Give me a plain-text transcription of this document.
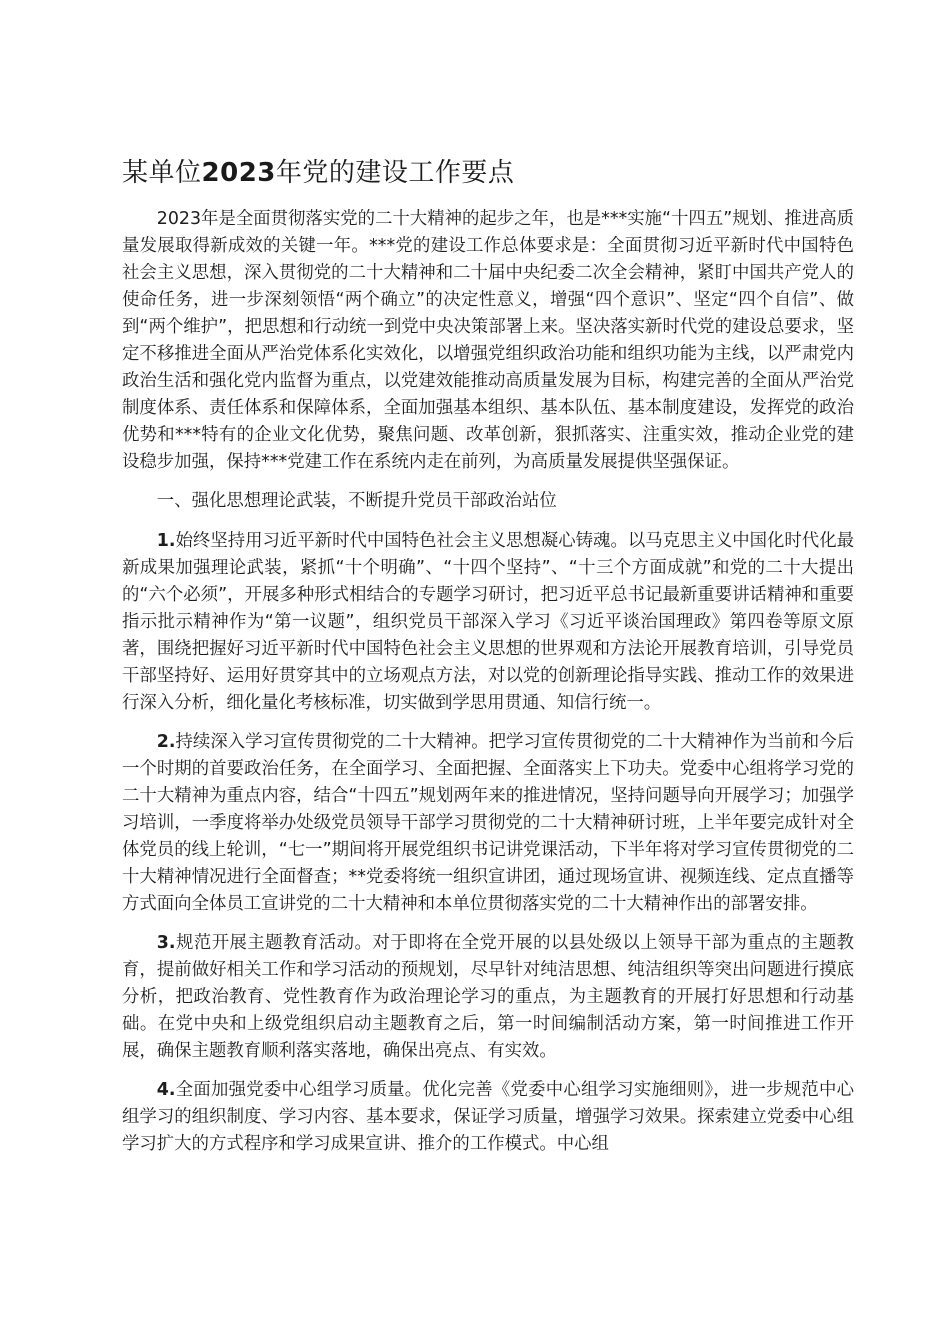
某单位2023年党的建设工作要点

2023年是全面贯彻落实党的二十大精神的起步之年，也是***实施“十四五”规划、推进高质量发展取得新成效的关键一年。***党的建设工作总体要求是：全面贯彻习近平新时代中国特色社会主义思想，深入贯彻党的二十大精神和二十届中央纪委二次全会精神，紧盯中国共产党人的使命任务，进一步深刻领悟“两个确立”的决定性意义，增强“四个意识”、坚定“四个自信”、做到“两个维护”，把思想和行动统一到党中央决策部署上来。坚决落实新时代党的建设总要求，坚定不移推进全面从严治党体系化实效化，以增强党组织政治功能和组织功能为主线，以严肃党内政治生活和强化党内监督为重点，以党建效能推动高质量发展为目标，构建完善的全面从严治党制度体系、责任体系和保障体系，全面加强基本组织、基本队伍、基本制度建设，发挥党的政治优势和***特有的企业文化优势，聚焦问题、改革创新，狠抓落实、注重实效，推动企业党的建设稳步加强，保持***党建工作在系统内走在前列，为高质量发展提供坚强保证。

一、强化思想理论武装，不断提升党员干部政治站位

1.始终坚持用习近平新时代中国特色社会主义思想凝心铸魂。以马克思主义中国化时代化最新成果加强理论武装，紧抓“十个明确”、“十四个坚持”、“十三个方面成就”和党的二十大提出的“六个必须”，开展多种形式相结合的专题学习研讨，把习近平总书记最新重要讲话精神和重要指示批示精神作为“第一议题”，组织党员干部深入学习《习近平谈治国理政》第四卷等原文原著，围绕把握好习近平新时代中国特色社会主义思想的世界观和方法论开展教育培训，引导党员干部坚持好、运用好贯穿其中的立场观点方法，对以党的创新理论指导实践、推动工作的效果进行深入分析，细化量化考核标准，切实做到学思用贯通、知信行统一。

2.持续深入学习宣传贯彻党的二十大精神。把学习宣传贯彻党的二十大精神作为当前和今后一个时期的首要政治任务，在全面学习、全面把握、全面落实上下功夫。党委中心组将学习党的二十大精神为重点内容，结合“十四五”规划两年来的推进情况，坚持问题导向开展学习；加强学习培训，一季度将举办处级党员领导干部学习贯彻党的二十大精神研讨班，上半年要完成针对全体党员的线上轮训，“七一”期间将开展党组织书记讲党课活动，下半年将对学习宣传贯彻党的二十大精神情况进行全面督查；**党委将统一组织宣讲团，通过现场宣讲、视频连线、定点直播等方式面向全体员工宣讲党的二十大精神和本单位贯彻落实党的二十大精神作出的部署安排。

3.规范开展主题教育活动。对于即将在全党开展的以县处级以上领导干部为重点的主题教育，提前做好相关工作和学习活动的预规划，尽早针对纯洁思想、纯洁组织等突出问题进行摸底分析，把政治教育、党性教育作为政治理论学习的重点，为主题教育的开展打好思想和行动基础。在党中央和上级党组织启动主题教育之后，第一时间编制活动方案，第一时间推进工作开展，确保主题教育顺利落实落地，确保出亮点、有实效。

4.全面加强党委中心组学习质量。优化完善《党委中心组学习实施细则》，进一步规范中心组学习的组织制度、学习内容、基本要求，保证学习质量，增强学习效果。探索建立党委中心组学习扩大的方式程序和学习成果宣讲、推介的工作模式。中心组
